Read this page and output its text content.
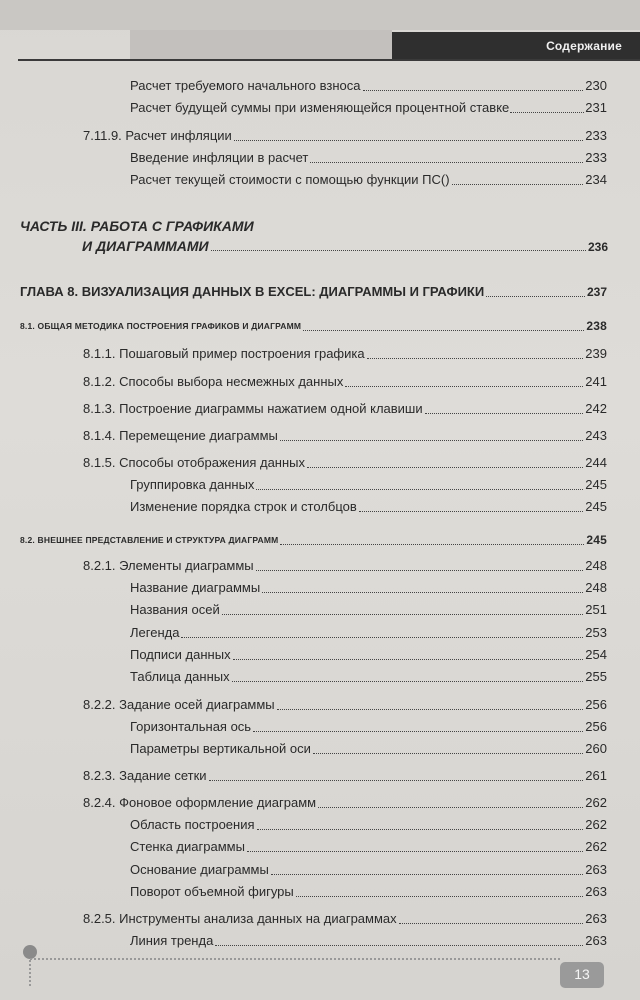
Содержание
Расчет требуемого начального взноса	230
Расчет будущей суммы при изменяющейся процентной ставке	231
7.11.9. Расчет инфляции	233
Введение инфляции в расчет	233
Расчет текущей стоимости с помощью функции ПС()	234
ЧАСТЬ III. РАБОТА С ГРАФИКАМИ
И ДИАГРАММАМИ	236
ГЛАВА 8. ВИЗУАЛИЗАЦИЯ ДАННЫХ В EXCEL: ДИАГРАММЫ И ГРАФИКИ	237
8.1. ОБЩАЯ МЕТОДИКА ПОСТРОЕНИЯ ГРАФИКОВ И ДИАГРАММ	238
8.1.1. Пошаговый пример построения графика	239
8.1.2. Способы выбора несмежных данных	241
8.1.3. Построение диаграммы нажатием одной клавиши	242
8.1.4. Перемещение диаграммы	243
8.1.5. Способы отображения данных	244
Группировка данных	245
Изменение порядка строк и столбцов	245
8.2. ВНЕШНЕЕ ПРЕДСТАВЛЕНИЕ И СТРУКТУРА ДИАГРАММ	245
8.2.1. Элементы диаграммы	248
Название диаграммы	248
Названия осей	251
Легенда	253
Подписи данных	254
Таблица данных	255
8.2.2. Задание осей диаграммы	256
Горизонтальная ось	256
Параметры вертикальной оси	260
8.2.3. Задание сетки	261
8.2.4. Фоновое оформление диаграмм	262
Область построения	262
Стенка диаграммы	262
Основание диаграммы	263
Поворот объемной фигуры	263
8.2.5. Инструменты анализа данных на диаграммах	263
Линия тренда	263
13
